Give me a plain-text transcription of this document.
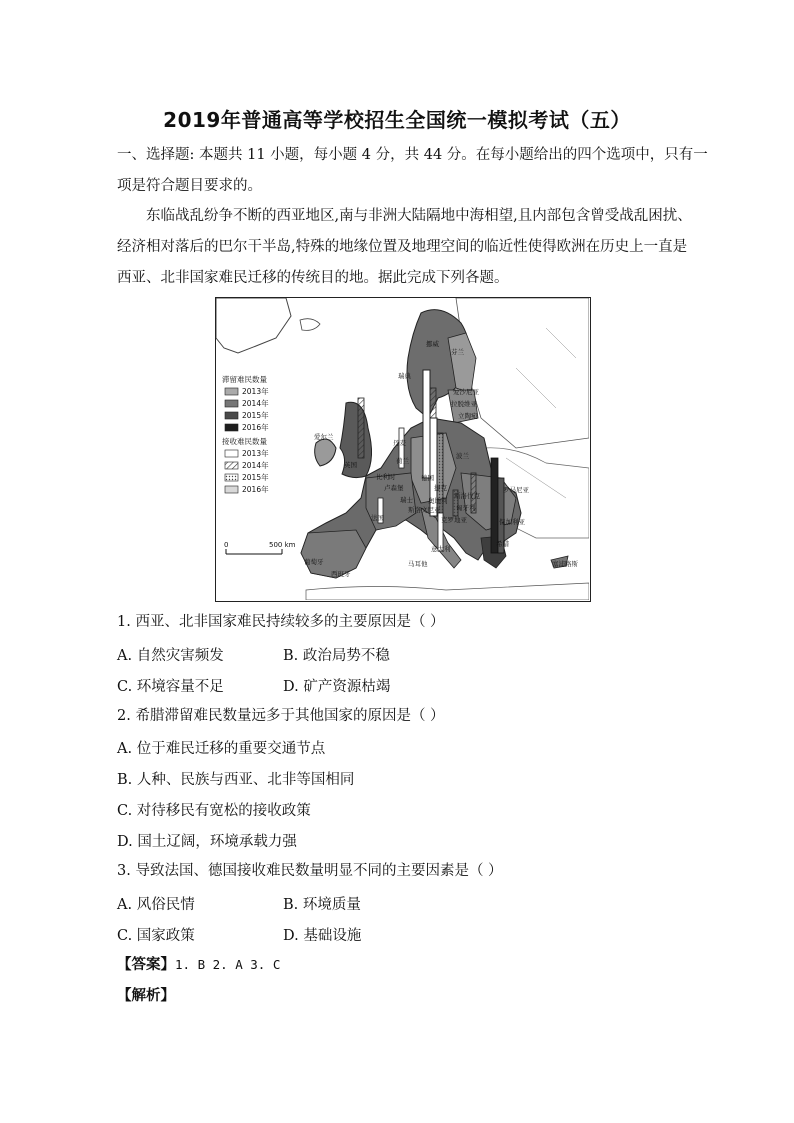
2019年普通高等学校招生全国统一模拟考试（五）
一、选择题: 本题共 11 小题，每小题 4 分，共 44 分。在每小题给出的四个选项中，只有一
项是符合题目要求的。
东临战乱纷争不断的西亚地区,南与非洲大陆隔地中海相望,且内部包含曾受战乱困扰、
经济相对落后的巴尔干半岛,特殊的地缘位置及地理空间的临近性使得欧洲在历史上一直是
西亚、北非国家难民迁移的传统目的地。据此完成下列各题。
滞留难民数量
2013年
2014年
2015年
2016年
接收难民数量
2013年
2014年
2015年
2016年
0	500 km
挪威
芬兰
瑞典
爱沙尼亚
拉脱维亚
立陶宛
丹麦
爱尔兰
英国	荷兰
比利时
卢森堡
德国
波兰
捷克
斯洛伐克
奥地利
匈牙利
瑞士
斯洛文尼亚
克罗地亚
法国
罗马尼亚
保加利亚
意大利
希腊
葡萄牙
西班牙
马耳他	塞浦路斯
1. 西亚、北非国家难民持续较多的主要原因是（ ）
A. 自然灾害频发	B. 政治局势不稳
C. 环境容量不足	D. 矿产资源枯竭
2. 希腊滞留难民数量远多于其他国家的原因是（ ）
A. 位于难民迁移的重要交通节点
B. 人种、民族与西亚、北非等国相同
C. 对待移民有宽松的接收政策
D. 国土辽阔，环境承载力强
3. 导致法国、德国接收难民数量明显不同的主要因素是（ ）
A. 风俗民情	B. 环境质量
C. 国家政策	D. 基础设施
【答案】1. B 2. A 3. C
【解析】
